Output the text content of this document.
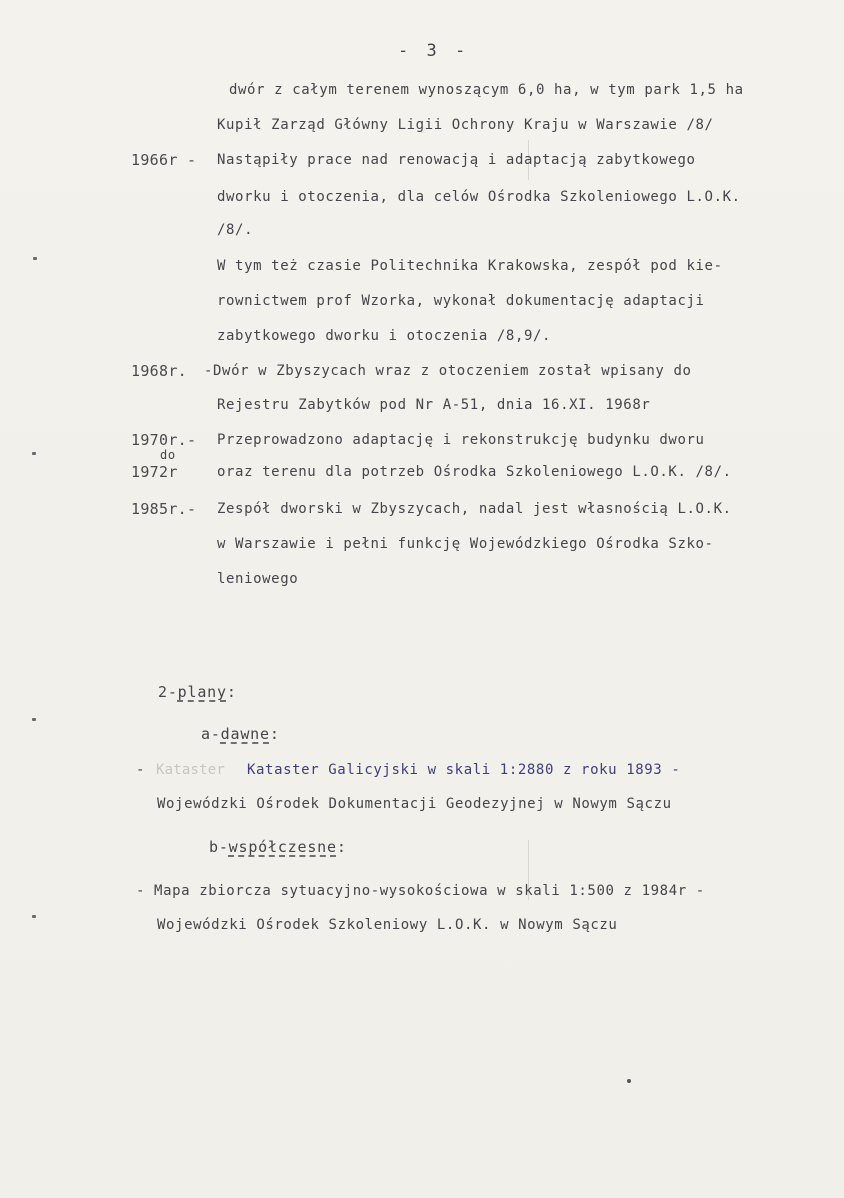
- 3 -
dwór z całym terenem wynoszącym 6,0 ha, w tym park 1,5 ha
Kupił Zarząd Główny Ligii Ochrony Kraju w Warszawie /8/
1966r - Nastąpiły prace nad renowacją i adaptacją zabytkowego
dworku i otoczenia, dla celów Ośrodka Szkoleniowego L.O.K.
/8/.
W tym też czasie Politechnika Krakowska, zespół pod kie-
rownictwem prof Wzorka, wykonał dokumentację adaptacji
zabytkowego dworku i otoczenia /8,9/.
1968r. -Dwór w Zbyszycach wraz z otoczeniem został wpisany do
Rejestru Zabytków pod Nr A-51, dnia 16.XI. 1968r
1970r.- Przeprowadzono adaptację i rekonstrukcję budynku dworu
do
1972r	oraz terenu dla potrzeb Ośrodka Szkoleniowego L.O.K. /8/.
1985r.- Zespół dworski w Zbyszycach, nadal jest własnością L.O.K.
w Warszawie i pełni funkcję Wojewódzkiego Ośrodka Szko-
leniowego
2-plany:
a-dawne:
- Kataster Kataster Galicyjski w skali 1:2880 z roku 1893 -
Wojewódzki Ośrodek Dokumentacji Geodezyjnej w Nowym Sączu
b-współczesne:
- Mapa zbiorcza sytuacyjno-wysokościowa w skali 1:500 z 1984r -
Wojewódzki Ośrodek Szkoleniowy L.O.K. w Nowym Sączu
